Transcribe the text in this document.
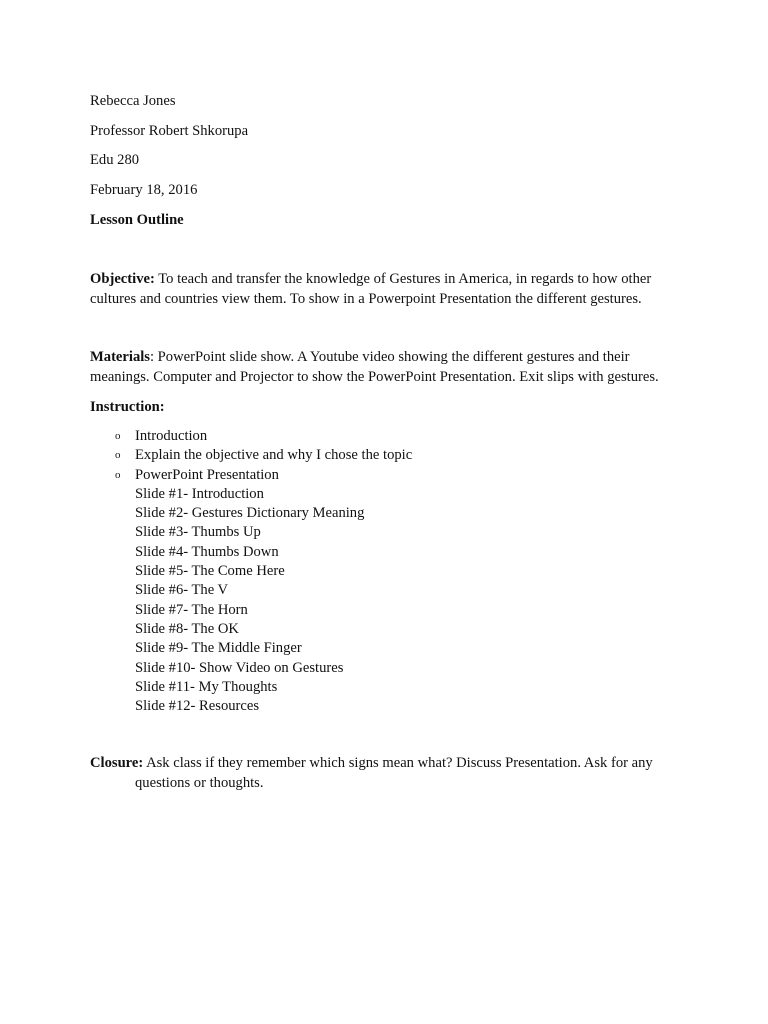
Rebecca Jones
Professor Robert Shkorupa
Edu 280
February 18, 2016
Lesson Outline
Objective: To teach and transfer the knowledge of Gestures in America, in regards to how other
cultures and countries view them. To show in a Powerpoint Presentation the different gestures.
Materials: PowerPoint slide show. A Youtube video showing the different gestures and their
meanings. Computer and Projector to show the PowerPoint Presentation. Exit slips with gestures.
Instruction:
o Introduction
o Explain the objective and why I chose the topic
o PowerPoint Presentation
Slide #1- Introduction
Slide #2- Gestures Dictionary Meaning
Slide #3- Thumbs Up
Slide #4- Thumbs Down
Slide #5- The Come Here
Slide #6- The V
Slide #7- The Horn
Slide #8- The OK
Slide #9- The Middle Finger
Slide #10- Show Video on Gestures
Slide #11- My Thoughts
Slide #12- Resources
Closure: Ask class if they remember which signs mean what? Discuss Presentation. Ask for any
questions or thoughts.
